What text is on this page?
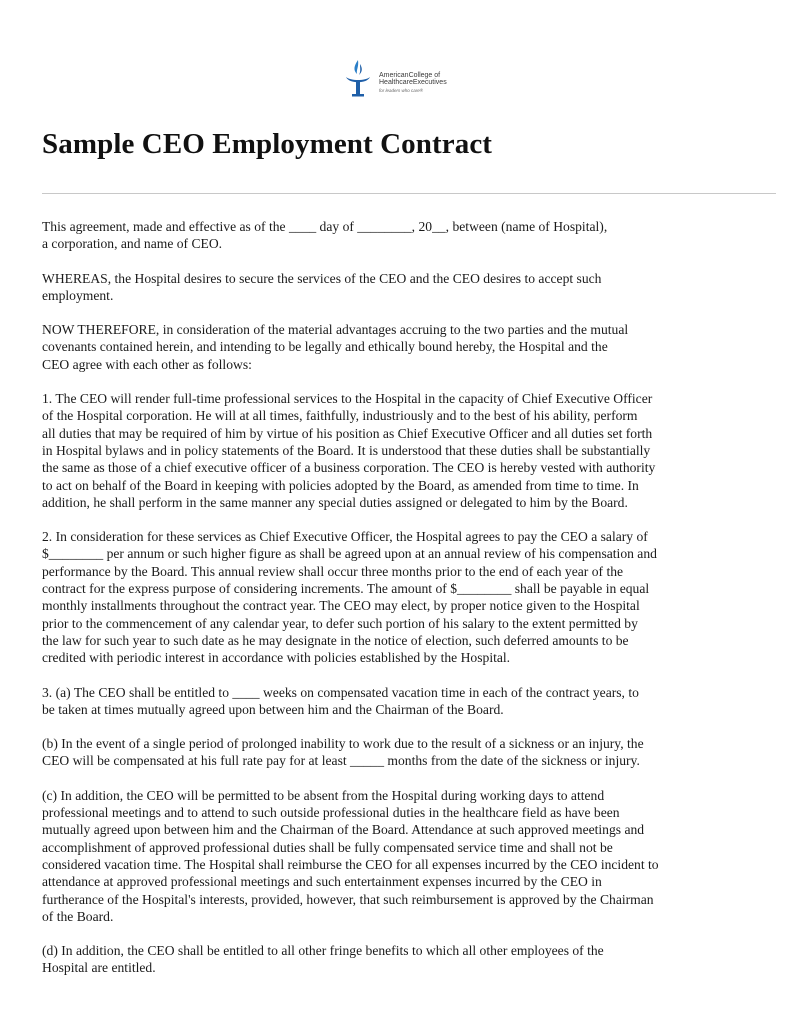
AmericanCollege of
HealthcareExecutives
for leaders who care®
Sample CEO Employment Contract

This agreement, made and effective as of the ____ day of ________, 20__, between (name of Hospital),
a corporation, and name of CEO.

WHEREAS, the Hospital desires to secure the services of the CEO and the CEO desires to accept such
employment.

NOW THEREFORE, in consideration of the material advantages accruing to the two parties and the mutual
covenants contained herein, and intending to be legally and ethically bound hereby, the Hospital and the
CEO agree with each other as follows:

1. The CEO will render full-time professional services to the Hospital in the capacity of Chief Executive Officer
of the Hospital corporation. He will at all times, faithfully, industriously and to the best of his ability, perform
all duties that may be required of him by virtue of his position as Chief Executive Officer and all duties set forth
in Hospital bylaws and in policy statements of the Board. It is understood that these duties shall be substantially
the same as those of a chief executive officer of a business corporation. The CEO is hereby vested with authority
to act on behalf of the Board in keeping with policies adopted by the Board, as amended from time to time. In
addition, he shall perform in the same manner any special duties assigned or delegated to him by the Board.

2. In consideration for these services as Chief Executive Officer, the Hospital agrees to pay the CEO a salary of
$________ per annum or such higher figure as shall be agreed upon at an annual review of his compensation and
performance by the Board. This annual review shall occur three months prior to the end of each year of the
contract for the express purpose of considering increments. The amount of $________ shall be payable in equal
monthly installments throughout the contract year. The CEO may elect, by proper notice given to the Hospital
prior to the commencement of any calendar year, to defer such portion of his salary to the extent permitted by
the law for such year to such date as he may designate in the notice of election, such deferred amounts to be
credited with periodic interest in accordance with policies established by the Hospital.

3. (a) The CEO shall be entitled to ____ weeks on compensated vacation time in each of the contract years, to
be taken at times mutually agreed upon between him and the Chairman of the Board.

(b) In the event of a single period of prolonged inability to work due to the result of a sickness or an injury, the
CEO will be compensated at his full rate pay for at least _____ months from the date of the sickness or injury.

(c) In addition, the CEO will be permitted to be absent from the Hospital during working days to attend
professional meetings and to attend to such outside professional duties in the healthcare field as have been
mutually agreed upon between him and the Chairman of the Board. Attendance at such approved meetings and
accomplishment of approved professional duties shall be fully compensated service time and shall not be
considered vacation time. The Hospital shall reimburse the CEO for all expenses incurred by the CEO incident to
attendance at approved professional meetings and such entertainment expenses incurred by the CEO in
furtherance of the Hospital's interests, provided, however, that such reimbursement is approved by the Chairman
of the Board.

(d) In addition, the CEO shall be entitled to all other fringe benefits to which all other employees of the
Hospital are entitled.
